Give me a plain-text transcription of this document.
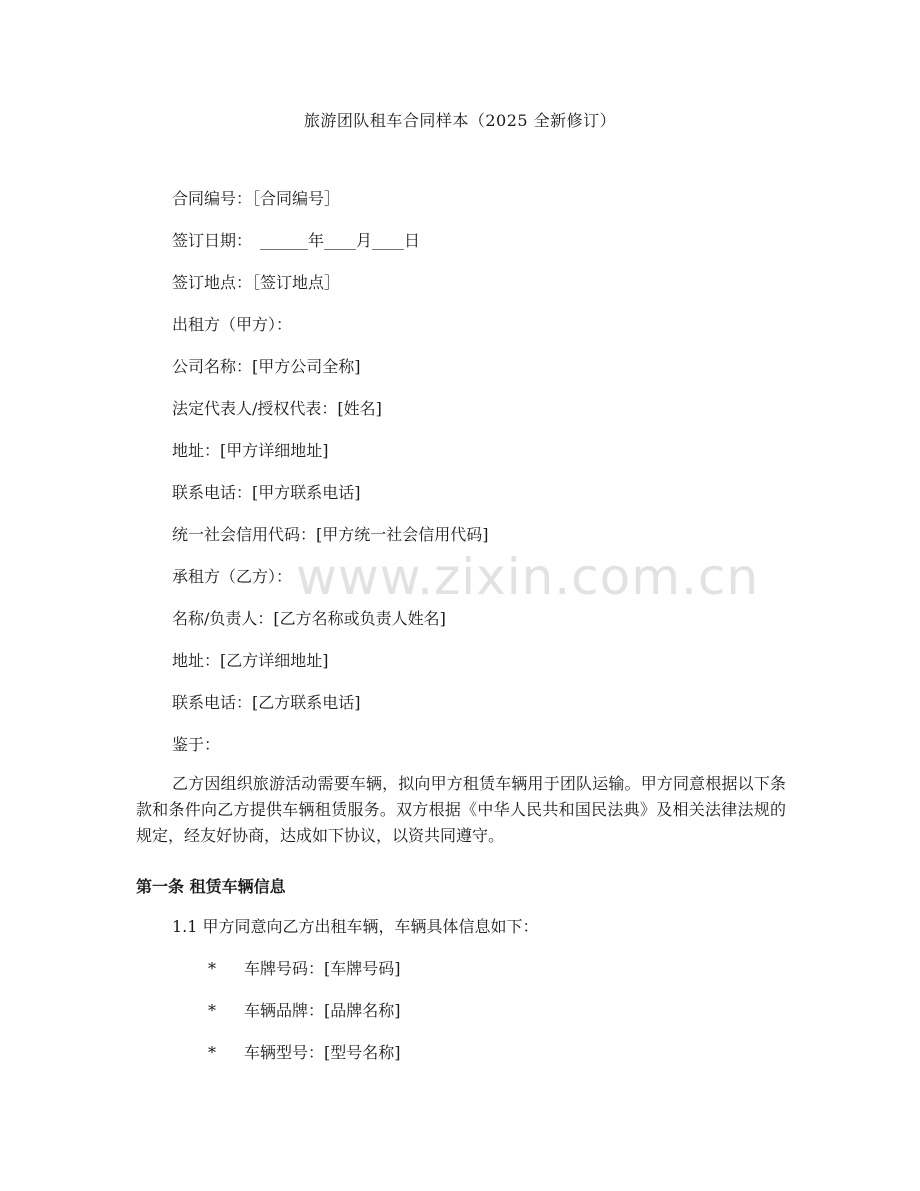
www.zixin.com.cn
旅游团队租车合同样本（2025 全新修订）
合同编号：［合同编号］
签订日期：　______年____月____日
签订地点：［签订地点］
出租方（甲方）：
公司名称：[甲方公司全称]
法定代表人/授权代表：[姓名]
地址：[甲方详细地址]
联系电话：[甲方联系电话]
统一社会信用代码：[甲方统一社会信用代码]
承租方（乙方）：
名称/负责人：[乙方名称或负责人姓名]
地址：[乙方详细地址]
联系电话：[乙方联系电话]
鉴于：
乙方因组织旅游活动需要车辆，拟向甲方租赁车辆用于团队运输。甲方同意根据以下条款和条件向乙方提供车辆租赁服务。双方根据《中华人民共和国民法典》及相关法律法规的规定，经友好协商，达成如下协议，以资共同遵守。
第一条 租赁车辆信息
1.1 甲方同意向乙方出租车辆，车辆具体信息如下：
* 车牌号码：[车牌号码]
* 车辆品牌：[品牌名称]
* 车辆型号：[型号名称]
